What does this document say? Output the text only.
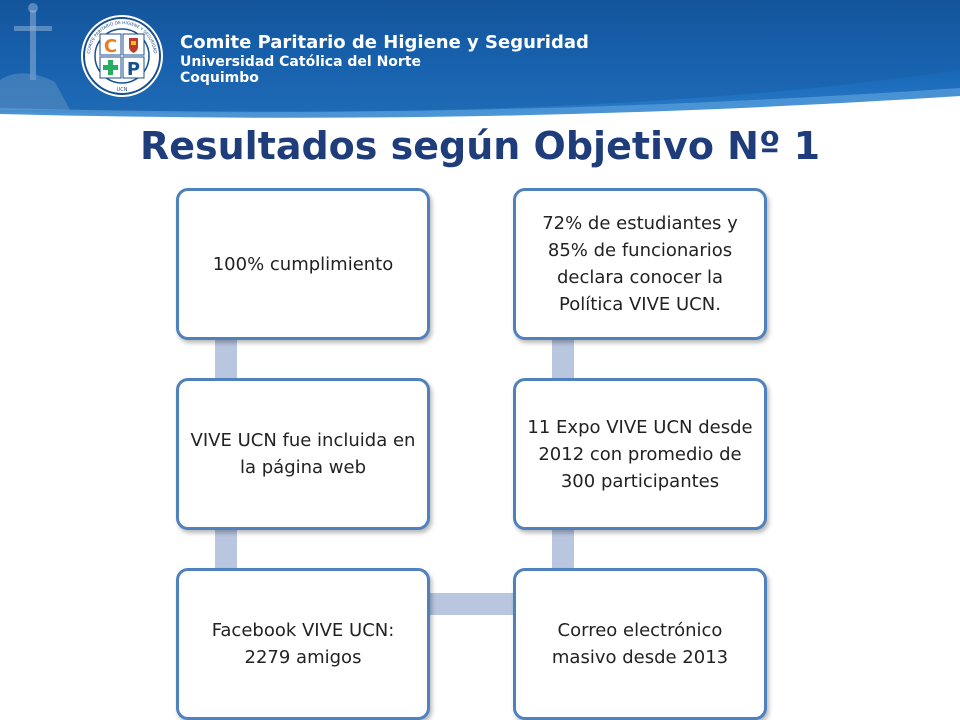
C
P
COMITE PARITARIO DE HIGIENE Y SEGURIDAD
UCN
Comite Paritario de Higiene y Seguridad
Universidad Católica del Norte
Coquimbo
Resultados según Objetivo Nº 1
100% cumplimiento
VIVE UCN fue incluida en la página web
Facebook VIVE UCN: 2279 amigos
72% de estudiantes y 85% de funcionarios declara conocer la Política VIVE UCN.
11 Expo VIVE UCN desde 2012 con promedio de 300 participantes
Correo electrónico masivo desde 2013
